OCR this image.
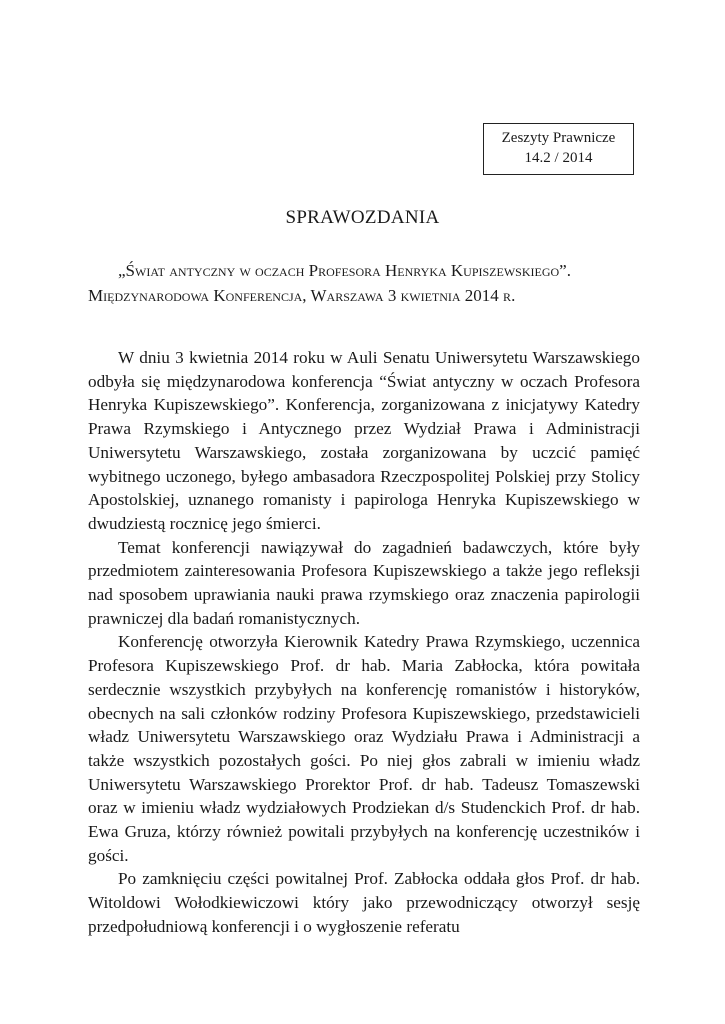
Zeszyty Prawnicze
14.2 / 2014
SPRAWOZDANIA
„Świat antyczny w oczach Profesora Henryka Kupiszewskiego”.
Międzynarodowa Konferencja, Warszawa 3 kwietnia 2014 r.

W dniu 3 kwietnia 2014 roku w Auli Senatu Uniwersytetu Warszawskiego odbyła się międzynarodowa konferencja “Świat antyczny w oczach Profesora Henryka Kupiszewskiego”. Konferencja, zorganizowana z inicjatywy Katedry Prawa Rzymskiego i Antycznego przez Wydział Prawa i Administracji Uniwersytetu Warszawskiego, została zorganizowana by uczcić pamięć wybitnego uczonego, byłego ambasadora Rzeczpospolitej Polskiej przy Stolicy Apostolskiej, uznanego romanisty i papirologa Henryka Kupiszewskiego w dwudziestą rocznicę jego śmierci.

Temat konferencji nawiązywał do zagadnień badawczych, które były przedmiotem zainteresowania Profesora Kupiszewskiego a także jego refleksji nad sposobem uprawiania nauki prawa rzymskiego oraz znaczenia papirologii prawniczej dla badań romanistycznych.

Konferencję otworzyła Kierownik Katedry Prawa Rzymskiego, uczennica Profesora Kupiszewskiego Prof. dr hab. Maria Zabłocka, która powitała serdecznie wszystkich przybyłych na konferencję romanistów i historyków, obecnych na sali członków rodziny Profesora Kupiszewskiego, przedstawicieli władz Uniwersytetu Warszawskiego oraz Wydziału Prawa i Administracji a także wszystkich pozostałych gości. Po niej głos zabrali w imieniu władz Uniwersytetu Warszawskiego Prorektor Prof. dr hab. Tadeusz Tomaszewski oraz w imieniu władz wydziałowych Prodziekan d/s Studenckich Prof. dr hab. Ewa Gruza, którzy również powitali przybyłych na konferencję uczestników i gości.

Po zamknięciu części powitalnej Prof. Zabłocka oddała głos Prof. dr hab. Witoldowi Wołodkiewiczowi który jako przewodniczący otworzył sesję przedpołudniową konferencji i o wygłoszenie referatu
